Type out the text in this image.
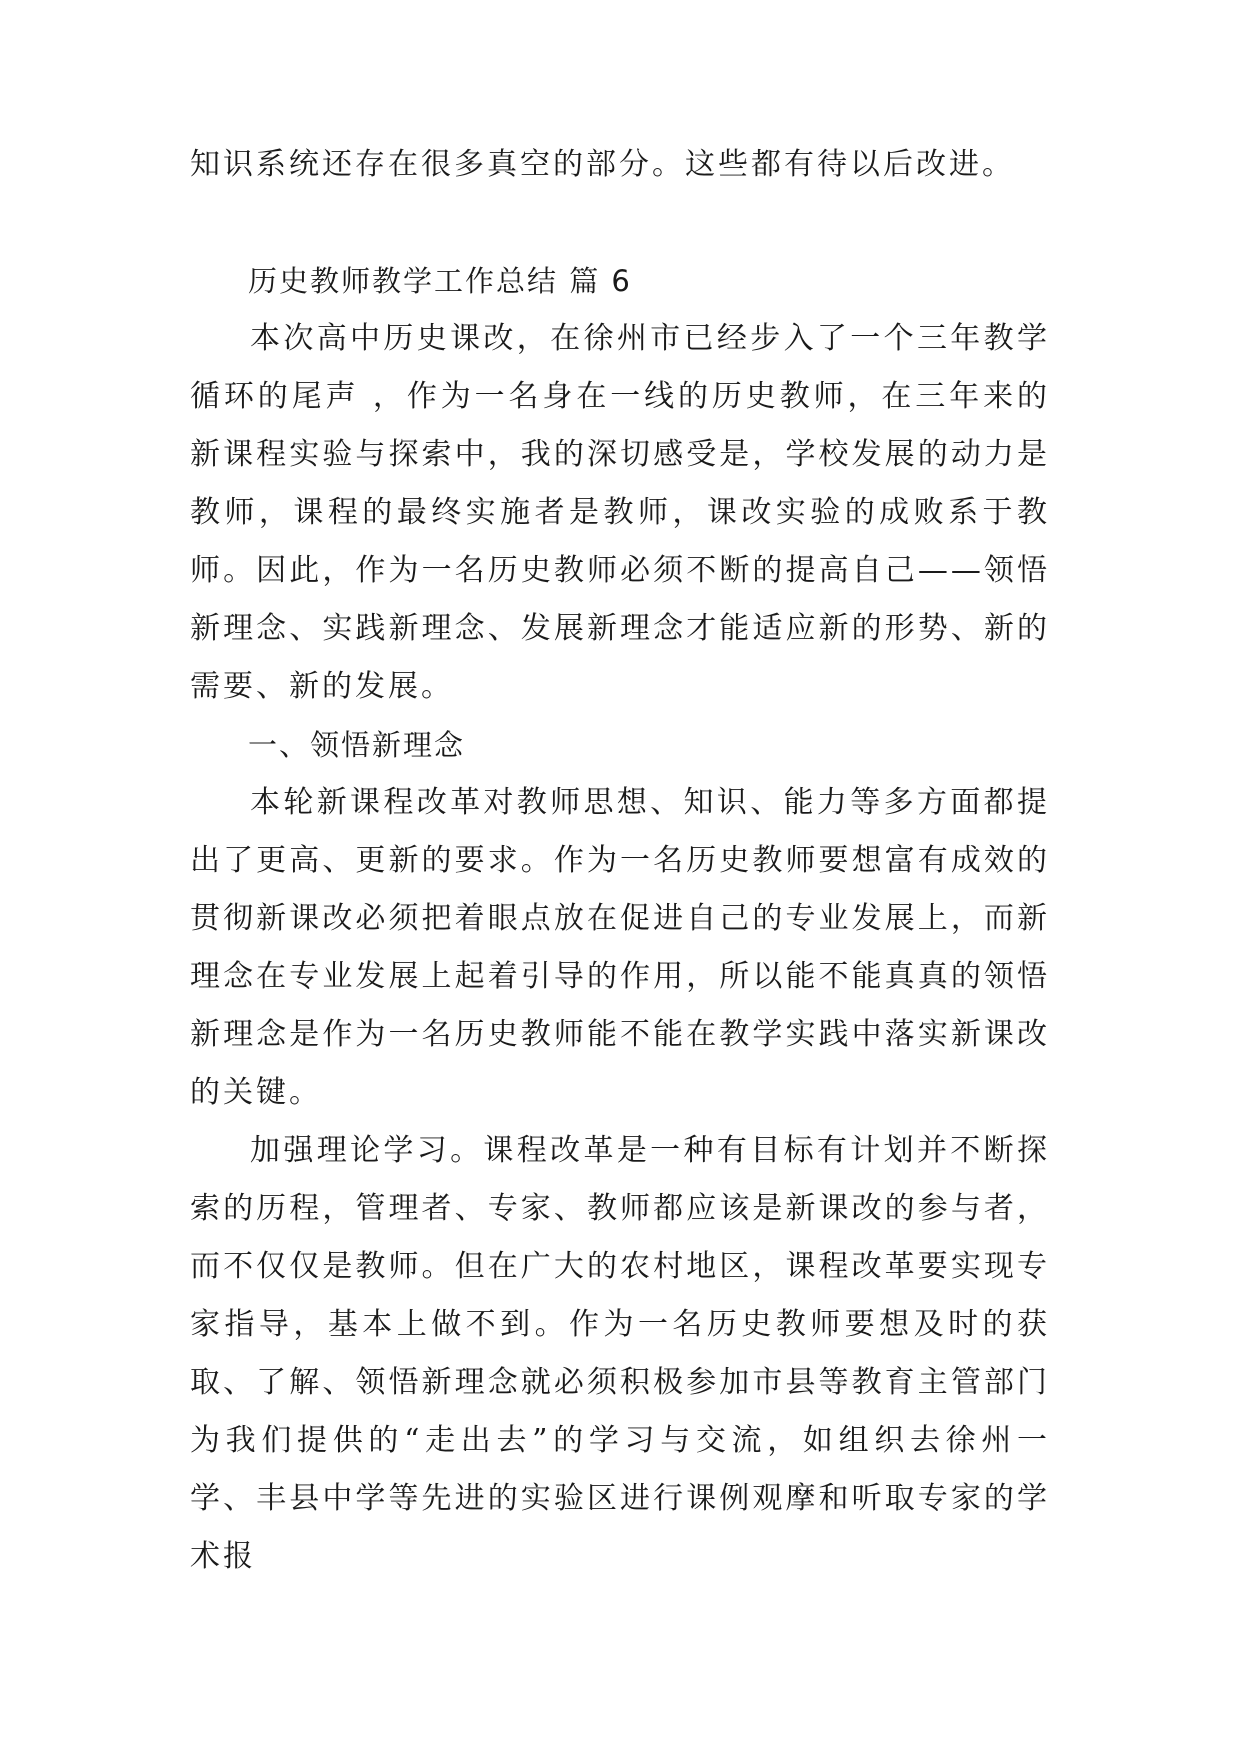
知识系统还存在很多真空的部分。这些都有待以后改进。

历史教师教学工作总结 篇 6

本次高中历史课改，在徐州市已经步入了一个三年教学循环的尾声 ，作为一名身在一线的历史教师，在三年来的新课程实验与探索中，我的深切感受是，学校发展的动力是教师，课程的最终实施者是教师，课改实验的成败系于教师。因此，作为一名历史教师必须不断的提高自己——领悟新理念、实践新理念、发展新理念才能适应新的形势、新的需要、新的发展。

一、领悟新理念

本轮新课程改革对教师思想、知识、能力等多方面都提出了更高、更新的要求。作为一名历史教师要想富有成效的贯彻新课改必须把着眼点放在促进自己的专业发展上，而新理念在专业发展上起着引导的作用，所以能不能真真的领悟新理念是作为一名历史教师能不能在教学实践中落实新课改的关键。

加强理论学习。课程改革是一种有目标有计划并不断探索的历程，管理者、专家、教师都应该是新课改的参与者，而不仅仅是教师。但在广大的农村地区，课程改革要实现专家指导，基本上做不到。作为一名历史教师要想及时的获取、了解、领悟新理念就必须积极参加市县等教育主管部门为我们提供的“走出去”的学习与交流，如组织去徐州一学、丰县中学等先进的实验区进行课例观摩和听取专家的学术报
